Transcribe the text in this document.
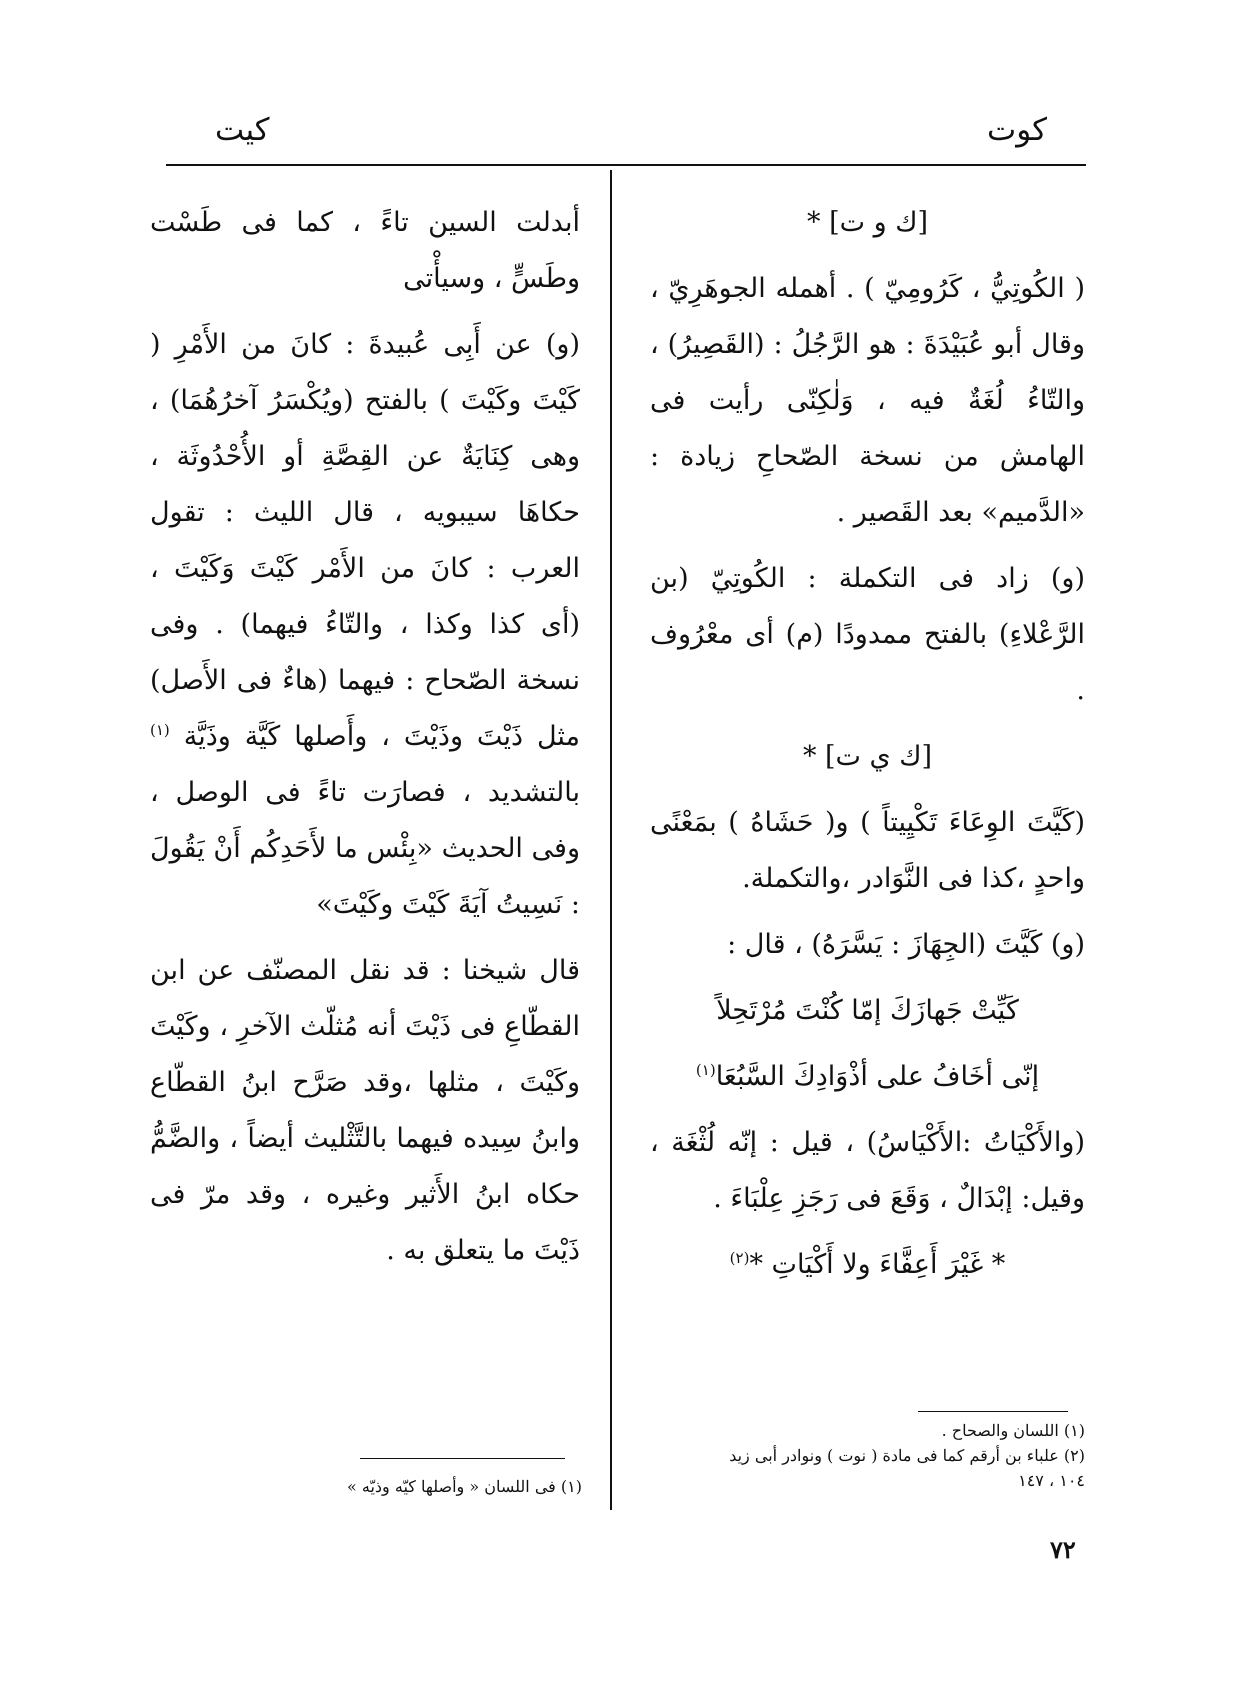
كوت
كيت

[ك و ت] *

( الكُوتِيُّ ، كَرُومِيّ ) . أهمله الجوهَرِيّ ، وقال أبو عُبَيْدَةَ : هو الرَّجُلُ : (القَصِيرُ) ، والتّاءُ لُغَةٌ فيه ، وَلٰكِنّى رأيت فى الهامش من نسخة الصّحاحِ زيادة : «الدَّميم» بعد القَصير .

(و) زاد فى التكملة : الكُوتِيّ (بن الرَّعْلاءِ) بالفتح ممدودًا (م) أى معْرُوف .

[ك ي ت] *

(كَيَّتَ الوِعَاءَ تَكْيِيتاً ) و( حَشَاهُ ) بمَعْنًى واحدٍ ،كذا فى النَّوَادر ،والتكملة.

(و) كَيَّتَ (الجِهَازَ : يَسَّرَهُ) ، قال :

كَيِّتْ جَهازَكَ إمّا كُنْتَ مُرْتَحِلاً

إنّى أخَافُ على أذْوَادِكَ السَّبُعَا$^{(١)}$

(والأَكْيَاتُ :الأَكْيَاسُ) ، قيل : إنّه لُثْغَة ، وقيل: إبْدَالٌ ، وَقَعَ فى رَجَزِ عِلْبَاءَ .

* غَيْرَ أَعِفَّاءَ ولا أَكْيَاتِ *$^{(٢)}$

(١) اللسان والصحاح .
(٢) علباء بن أرقم كما فى مادة ( نوت ) ونوادر أبى زيد
١٠٤ ، ١٤٧

أبدلت السين تاءً ، كما فى طَسْت وطَسٍّ ، وسيأْتى

(و) عن أَبِى عُبيدةَ : كانَ من الأَمْرِ ( كَيْتَ وكَيْتَ ) بالفتح (ويُكْسَرُ آخرُهُمَا) ، وهى كِنَايَةٌ عن القِصَّةِ أو الأُحْدُوثَة ، حكاهَا سيبويه ، قال الليث : تقول العرب : كانَ من الأَمْر كَيْتَ وَكَيْتَ ، (أى كذا وكذا ، والتّاءُ فيهما) . وفى نسخة الصّحاح : فيهما (هاءٌ فى الأَصل) مثل ذَيْتَ وذَيْتَ ، وأَصلها كَيَّة وذَيَّة $^{(١)}$ بالتشديد ، فصارَت تاءً فى الوصل ، وفى الحديث «بِئْس ما لأَحَدِكُم أَنْ يَقُولَ : نَسِيتُ آيَةَ كَيْتَ وكَيْتَ»

قال شيخنا : قد نقل المصنّف عن ابن القطّاعِ فى ذَيْتَ أنه مُثلّث الآخرِ ، وكَيْتَ وكَيْتَ ، مثلها ،وقد صَرَّح ابنُ القطّاع وابنُ سِيده فيهما بالتَّثْليث أيضاً ، والضَّمُّ حكاه ابنُ الأَثير وغيره ، وقد مرّ فى ذَيْتَ ما يتعلق به .

(١) فى اللسان « وأصلها كيّه وذيّه »
٧٢
